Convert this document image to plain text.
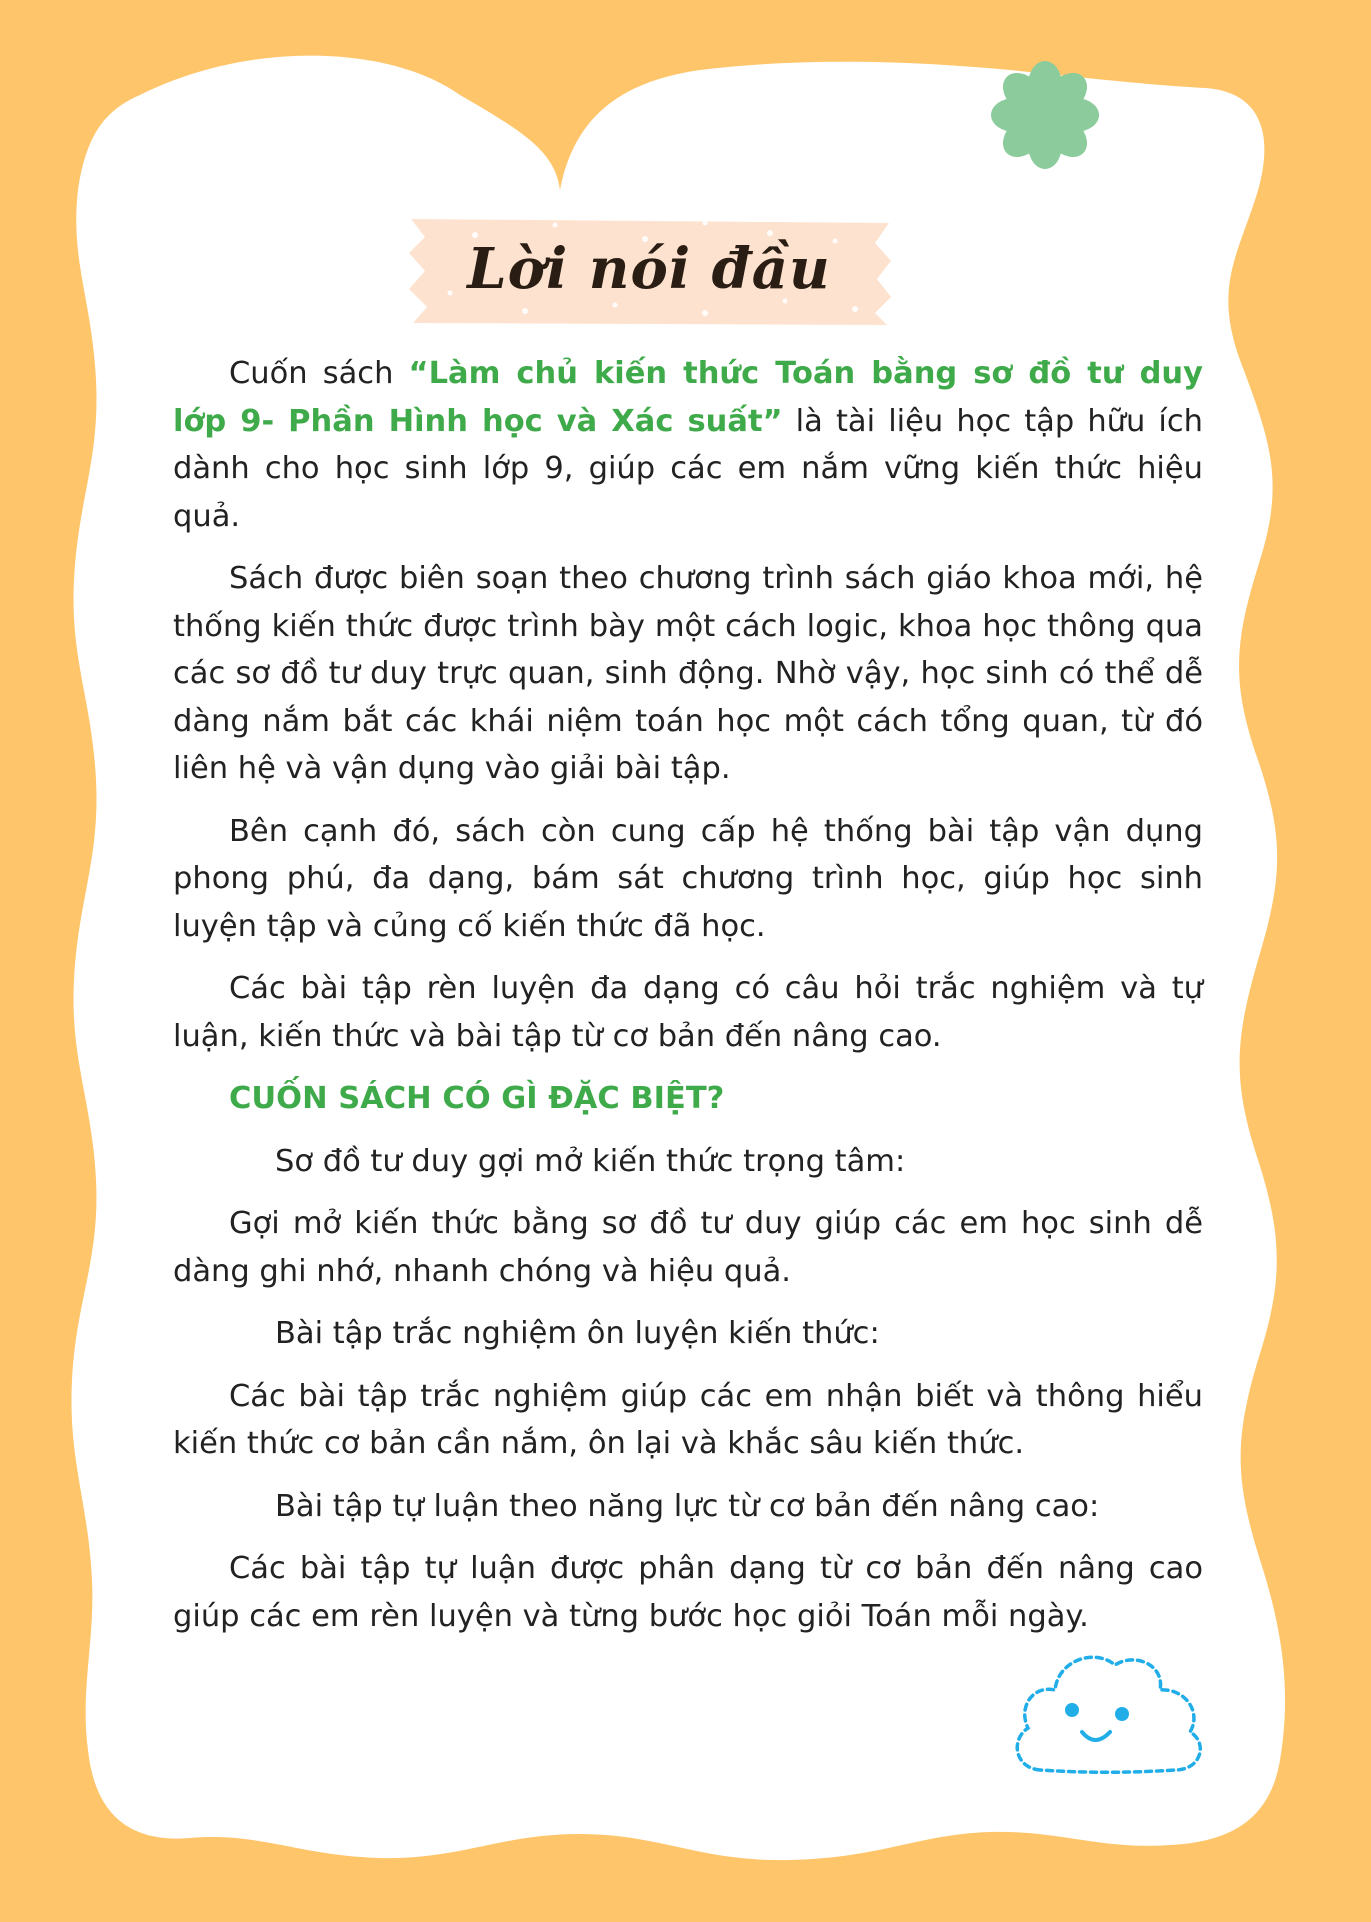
Lời nói đầu

Cuốn sách “Làm chủ kiến thức Toán bằng sơ đồ tư duy lớp 9- Phần Hình học và Xác suất” là tài liệu học tập hữu ích dành cho học sinh lớp 9, giúp các em nắm vững kiến thức hiệu quả.

Sách được biên soạn theo chương trình sách giáo khoa mới, hệ thống kiến thức được trình bày một cách logic, khoa học thông qua các sơ đồ tư duy trực quan, sinh động. Nhờ vậy, học sinh có thể dễ dàng nắm bắt các khái niệm toán học một cách tổng quan, từ đó liên hệ và vận dụng vào giải bài tập.

Bên cạnh đó, sách còn cung cấp hệ thống bài tập vận dụng phong phú, đa dạng, bám sát chương trình học, giúp học sinh luyện tập và củng cố kiến thức đã học.

Các bài tập rèn luyện đa dạng có câu hỏi trắc nghiệm và tự luận, kiến thức và bài tập từ cơ bản đến nâng cao.

CUỐN SÁCH CÓ GÌ ĐẶC BIỆT?
Sơ đồ tư duy gợi mở kiến thức trọng tâm:

Gợi mở kiến thức bằng sơ đồ tư duy giúp các em học sinh dễ dàng ghi nhớ, nhanh chóng và hiệu quả.

Bài tập trắc nghiệm ôn luyện kiến thức:

Các bài tập trắc nghiệm giúp các em nhận biết và thông hiểu kiến thức cơ bản cần nắm, ôn lại và khắc sâu kiến thức.

Bài tập tự luận theo năng lực từ cơ bản đến nâng cao:

Các bài tập tự luận được phân dạng từ cơ bản đến nâng cao giúp các em rèn luyện và từng bước học giỏi Toán mỗi ngày.
